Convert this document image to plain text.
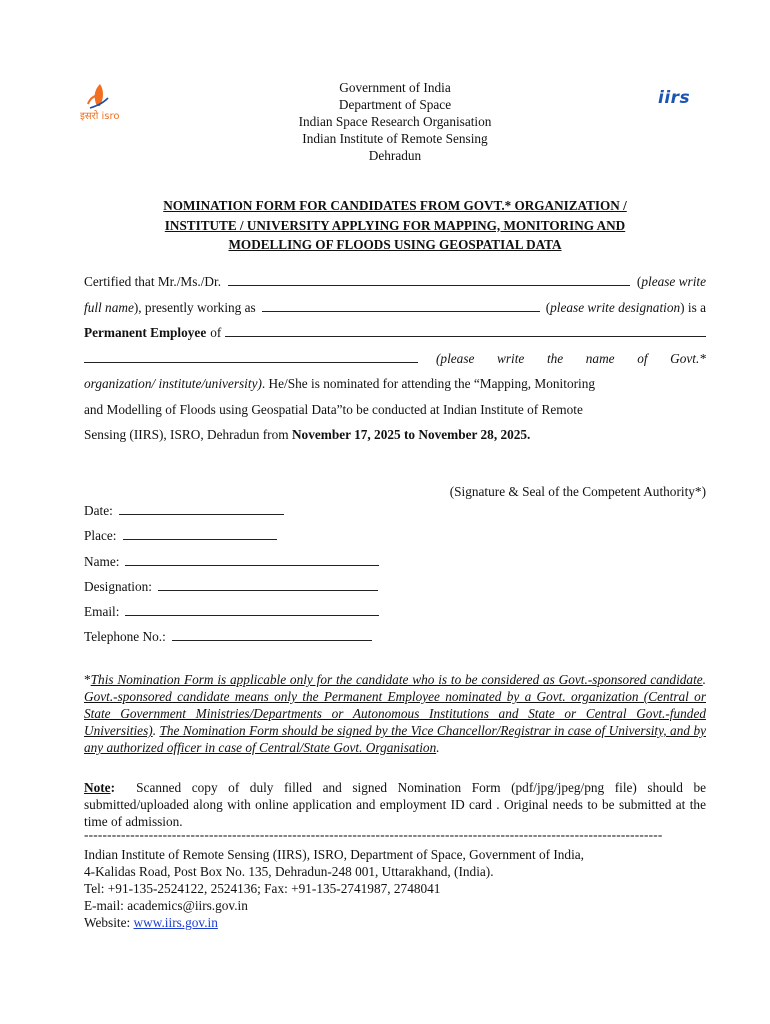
इसरो isro
iirs
Government of India
Department of Space
Indian Space Research Organisation
Indian Institute of Remote Sensing
Dehradun
NOMINATION FORM FOR CANDIDATES FROM GOVT.* ORGANIZATION /
INSTITUTE / UNIVERSITY APPLYING FOR MAPPING, MONITORING AND
MODELLING OF FLOODS USING GEOSPATIAL DATA
Certified that Mr./Ms./Dr.	( please write
full name ), presently working as	( please write designation ) is a
Permanent Employee of
(please write the name of Govt.*
organization/ institute/university). He/She is nominated for attending the “Mapping, Monitoring
and Modelling of Floods using Geospatial Data”to be conducted at Indian Institute of Remote
Sensing (IIRS), ISRO, Dehradun from November 17, 2025 to November 28, 2025.
(Signature & Seal of the Competent Authority*)
Date:
Place:
Name:
Designation:
Email:
Telephone No.:
*This Nomination Form is applicable only for the candidate who is to be considered as Govt.-sponsored candidate. Govt.-sponsored candidate means only the Permanent Employee nominated by a Govt. organization (Central or State Government Ministries/Departments or Autonomous Institutions and State or Central Govt.-funded Universities). The Nomination Form should be signed by the Vice Chancellor/Registrar in case of University, and by any authorized officer in case of Central/State Govt. Organisation.
Note: Scanned copy of duly filled and signed Nomination Form (pdf/jpg/jpeg/png file) should be submitted/uploaded along with online application and employment ID card . Original needs to be submitted at the time of admission.
-----------------------------------------------------------------------------------------------------------------------------
Indian Institute of Remote Sensing (IIRS), ISRO, Department of Space, Government of India,
4-Kalidas Road, Post Box No. 135, Dehradun-248 001, Uttarakhand, (India).
Tel: +91-135-2524122, 2524136; Fax: +91-135-2741987, 2748041
E-mail: academics@iirs.gov.in
Website: www.iirs.gov.in
